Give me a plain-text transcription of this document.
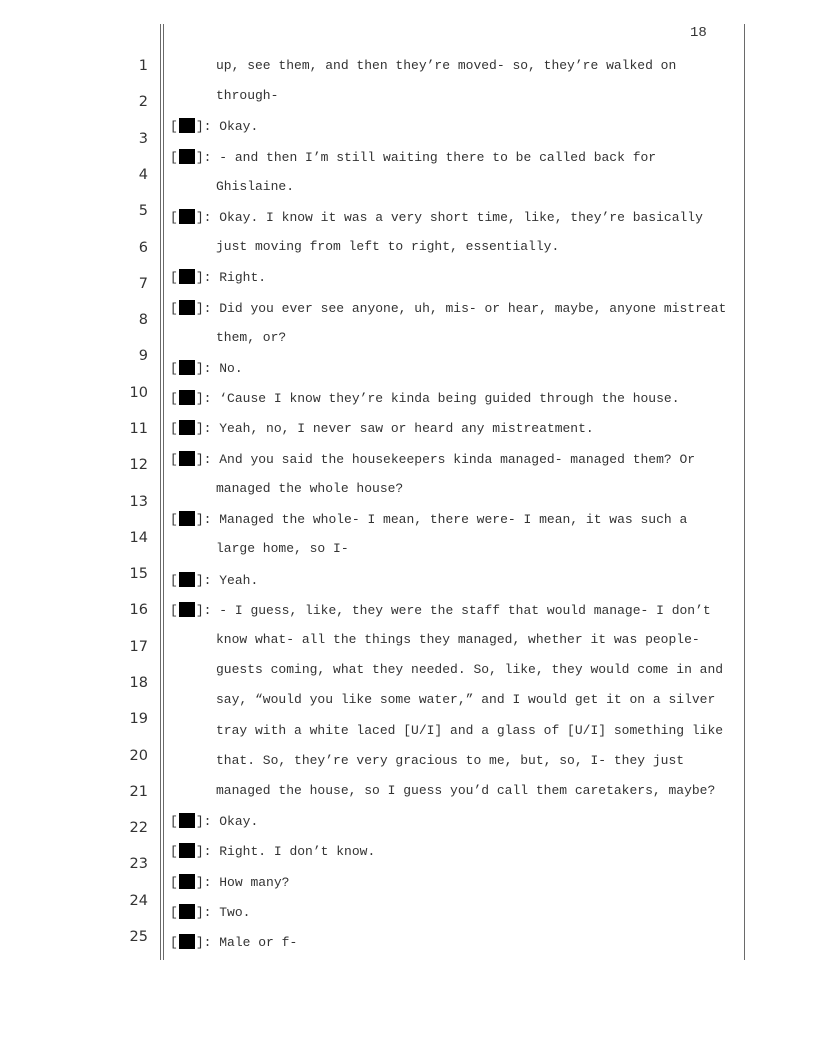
18
1
2
3
4
5
6
7
8
9
10
11
12
13
14
15
16
17
18
19
20
21
22
23
24
25
up, see them, and then they’re moved- so, they’re walked on
through-
[ ]: Okay.
[ ]: - and then I’m still waiting there to be called back for
Ghislaine.
[ ]: Okay. I know it was a very short time, like, they’re basically
just moving from left to right, essentially.
[ ]: Right.
[ ]: Did you ever see anyone, uh, mis- or hear, maybe, anyone mistreat
them, or?
[ ]: No.
[ ]: ‘Cause I know they’re kinda being guided through the house.
[ ]: Yeah, no, I never saw or heard any mistreatment.
[ ]: And you said the housekeepers kinda managed- managed them? Or
managed the whole house?
[ ]: Managed the whole- I mean, there were- I mean, it was such a
large home, so I-
[ ]: Yeah.
[ ]: - I guess, like, they were the staff that would manage- I don’t
know what- all the things they managed, whether it was people-
guests coming, what they needed. So, like, they would come in and
say, “would you like some water,” and I would get it on a silver
tray with a white laced [U/I] and a glass of [U/I] something like
that. So, they’re very gracious to me, but, so, I- they just
managed the house, so I guess you’d call them caretakers, maybe?
[ ]: Okay.
[ ]: Right. I don’t know.
[ ]: How many?
[ ]: Two.
[ ]: Male or f-
